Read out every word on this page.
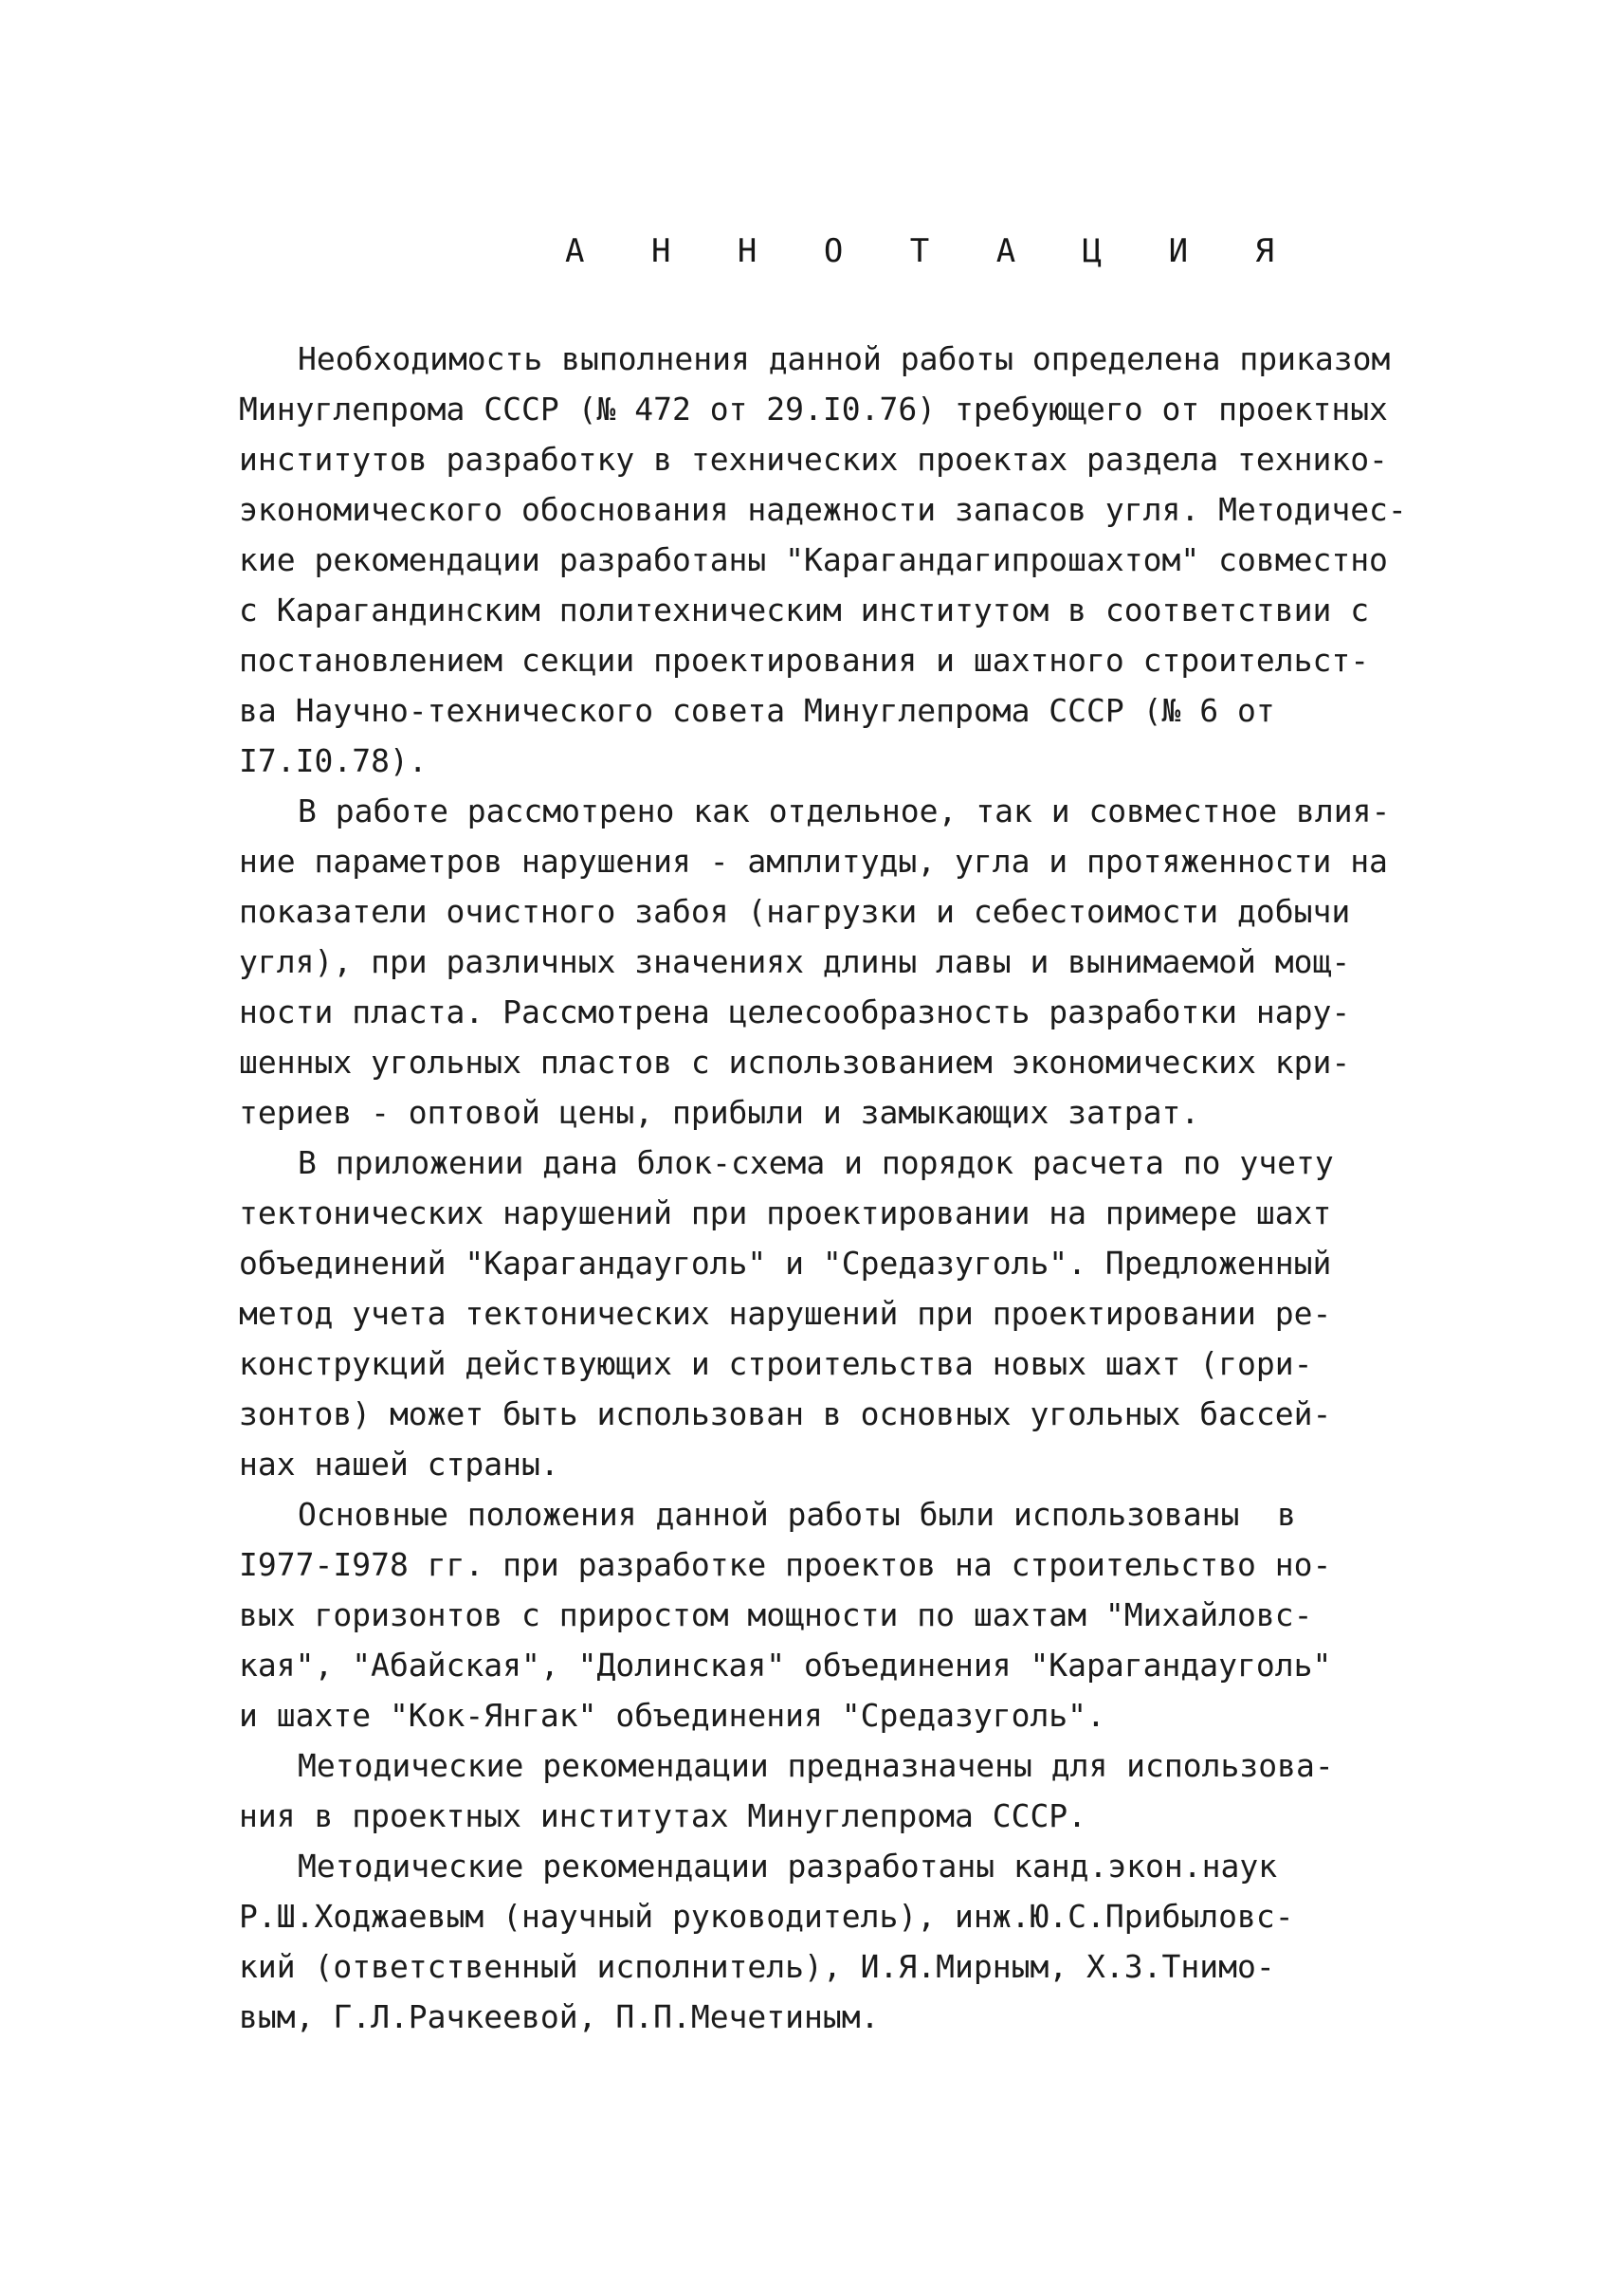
А Н Н О Т А Ц И Я
Необходимость выполнения данной работы определена приказом
Минуглепрома СССР (№ 472 от 29.I0.76) требующего от проектных
институтов разработку в технических проектах раздела технико-
экономического обоснования надежности запасов угля. Методичес-
кие рекомендации разработаны "Карагандагипрошахтом" совместно
с Карагандинским политехническим институтом в соответствии с
постановлением секции проектирования и шахтного строительст-
ва Научно-технического совета Минуглепрома СССР (№ 6 от
I7.I0.78).
В работе рассмотрено как отдельное, так и совместное влия-
ние параметров нарушения - амплитуды, угла и протяженности на
показатели очистного забоя (нагрузки и себестоимости добычи
угля), при различных значениях длины лавы и вынимаемой мощ-
ности пласта. Рассмотрена целесообразность разработки нару-
шенных угольных пластов с использованием экономических кри-
териев - оптовой цены, прибыли и замыкающих затрат.
В приложении дана блок-схема и порядок расчета по учету
тектонических нарушений при проектировании на примере шахт
объединений "Карагандауголь" и "Средазуголь". Предложенный
метод учета тектонических нарушений при проектировании ре-
конструкций действующих и строительства новых шахт (гори-
зонтов) может быть использован в основных угольных бассей-
нах нашей страны.
Основные положения данной работы были использованы  в
I977-I978 гг. при разработке проектов на строительство но-
вых горизонтов с приростом мощности по шахтам "Михайловс-
кая", "Абайская", "Долинская" объединения "Карагандауголь"
и шахте "Кок-Янгак" объединения "Средазуголь".
Методические рекомендации предназначены для использова-
ния в проектных институтах Минуглепрома СССР.
Методические рекомендации разработаны канд.экон.наук
Р.Ш.Ходжаевым (научный руководитель), инж.Ю.С.Прибыловс-
кий (ответственный исполнитель), И.Я.Мирным, Х.З.Тнимо-
вым, Г.Л.Рачкеевой, П.П.Мечетиным.
